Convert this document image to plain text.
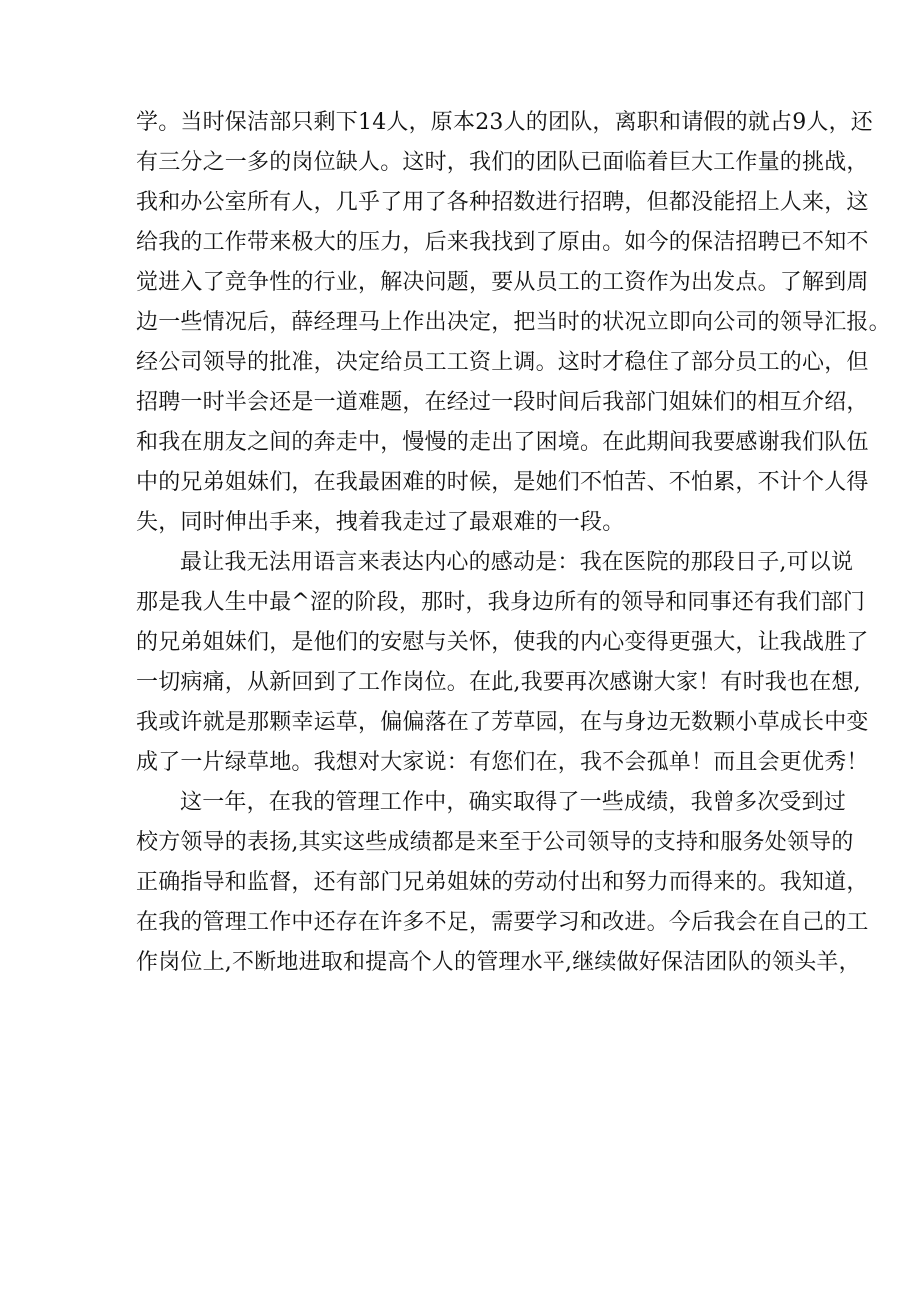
学。当时保洁部只剩下14人，原本23人的团队，离职和请假的就占9人，还
有三分之一多的岗位缺人。这时，我们的团队已面临着巨大工作量的挑战，
我和办公室所有人，几乎了用了各种招数进行招聘，但都没能招上人来，这
给我的工作带来极大的压力，后来我找到了原由。如今的保洁招聘已不知不
觉进入了竞争性的行业，解决问题，要从员工的工资作为出发点。了解到周
边一些情况后，薛经理马上作出决定，把当时的状况立即向公司的领导汇报。
经公司领导的批准，决定给员工工资上调。这时才稳住了部分员工的心，但
招聘一时半会还是一道难题，在经过一段时间后我部门姐妹们的相互介绍，
和我在朋友之间的奔走中，慢慢的走出了困境。在此期间我要感谢我们队伍
中的兄弟姐妹们，在我最困难的时候，是她们不怕苦、不怕累，不计个人得
失，同时伸出手来，拽着我走过了最艰难的一段。
最让我无法用语言来表达内心的感动是：我在医院的那段日子,可以说
那是我人生中最^涩的阶段，那时，我身边所有的领导和同事还有我们部门
的兄弟姐妹们，是他们的安慰与关怀，使我的内心变得更强大，让我战胜了
一切病痛，从新回到了工作岗位。在此,我要再次感谢大家！有时我也在想,
我或许就是那颗幸运草，偏偏落在了芳草园，在与身边无数颗小草成长中变
成了一片绿草地。我想对大家说：有您们在，我不会孤单！而且会更优秀！
这一年，在我的管理工作中，确实取得了一些成绩，我曾多次受到过
校方领导的表扬,其实这些成绩都是来至于公司领导的支持和服务处领导的
正确指导和监督，还有部门兄弟姐妹的劳动付出和努力而得来的。我知道，
在我的管理工作中还存在许多不足，需要学习和改进。今后我会在自己的工
作岗位上,不断地进取和提高个人的管理水平,继续做好保洁团队的领头羊，
